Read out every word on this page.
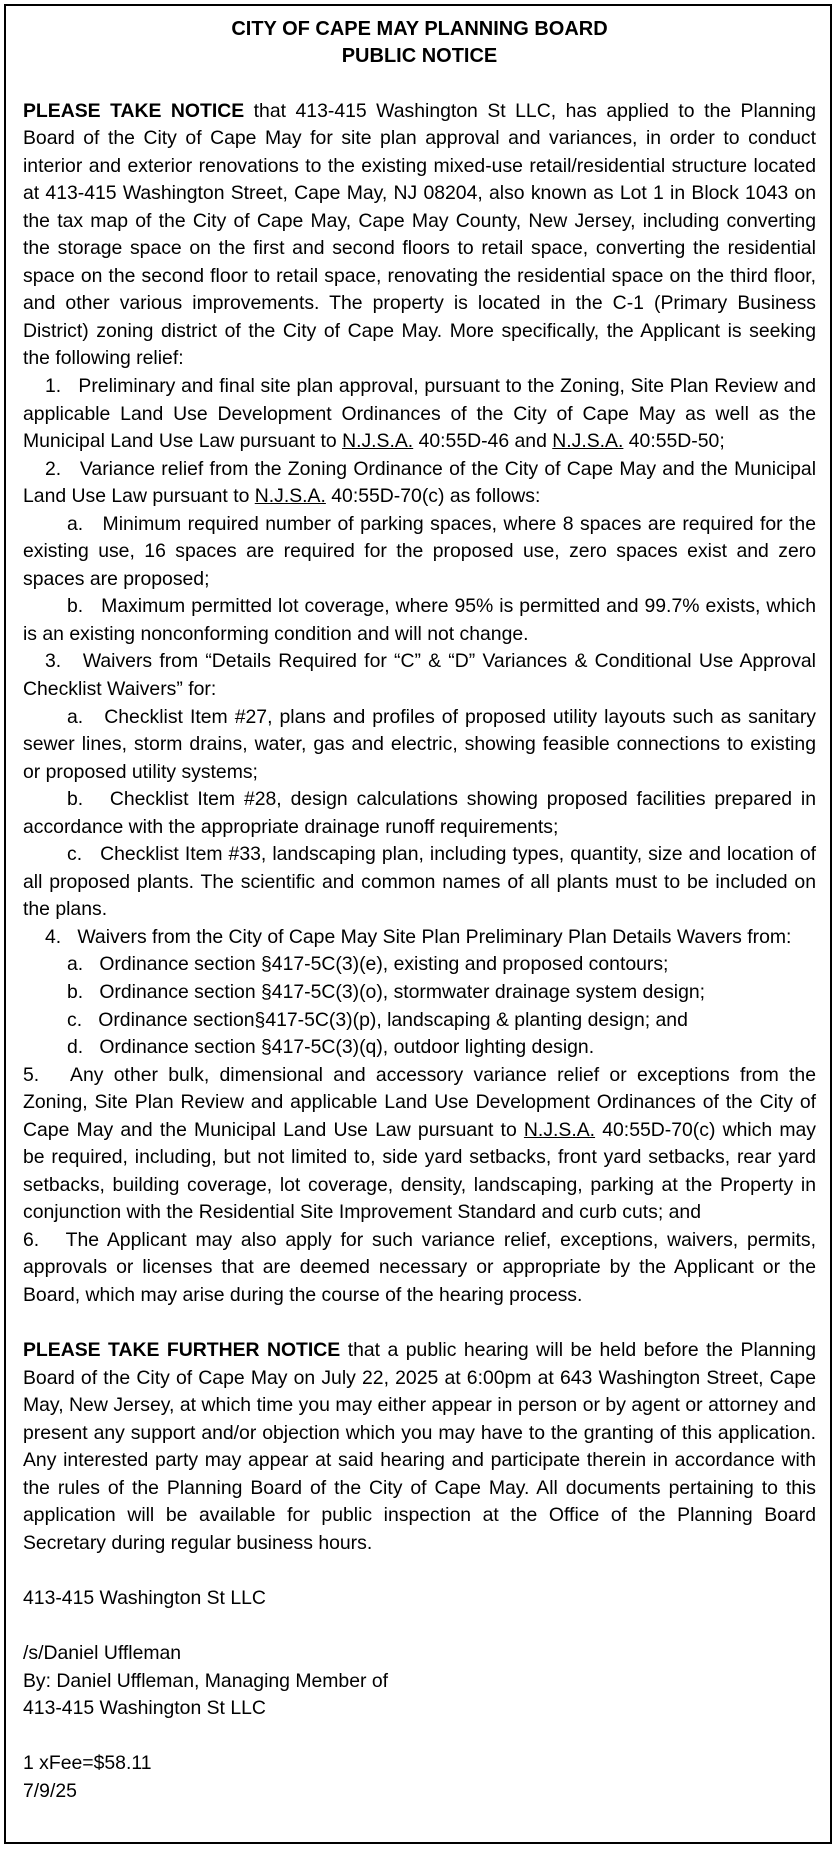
CITY OF CAPE MAY PLANNING BOARD
PUBLIC NOTICE

PLEASE TAKE NOTICE that 413-415 Washington St LLC, has applied to the Planning Board of the City of Cape May for site plan approval and variances, in order to conduct interior and exterior renovations to the existing mixed-use retail/residential structure located at 413-415 Washington Street, Cape May, NJ 08204, also known as Lot 1 in Block 1043 on the tax map of the City of Cape May, Cape May County, New Jersey, including converting the storage space on the first and second floors to retail space, converting the residential space on the second floor to retail space, renovating the residential space on the third floor, and other various improvements. The property is located in the C-1 (Primary Business District) zoning district of the City of Cape May. More specifically, the Applicant is seeking the following relief:

1.   Preliminary and final site plan approval, pursuant to the Zoning, Site Plan Review and applicable Land Use Development Ordinances of the City of Cape May as well as the Municipal Land Use Law pursuant to N.J.S.A. 40:55D-46 and N.J.S.A. 40:55D-50;

2.   Variance relief from the Zoning Ordinance of the City of Cape May and the Municipal Land Use Law pursuant to N.J.S.A. 40:55D-70(c) as follows:

a.   Minimum required number of parking spaces, where 8 spaces are required for the existing use, 16 spaces are required for the proposed use, zero spaces exist and zero spaces are proposed;

b.   Maximum permitted lot coverage, where 95% is permitted and 99.7% exists, which is an existing nonconforming condition and will not change.

3.   Waivers from “Details Required for “C” & “D” Variances & Conditional Use Approval Checklist Waivers” for:

a.   Checklist Item #27, plans and profiles of proposed utility layouts such as sanitary sewer lines, storm drains, water, gas and electric, showing feasible connections to existing or proposed utility systems;

b.   Checklist Item #28, design calculations showing proposed facilities prepared in accordance with the appropriate drainage runoff requirements;

c.   Checklist Item #33, landscaping plan, including types, quantity, size and location of all proposed plants. The scientific and common names of all plants must to be included on the plans.

4.   Waivers from the City of Cape May Site Plan Preliminary Plan Details Wavers from:

a.   Ordinance section §417-5C(3)(e), existing and proposed contours;

b.   Ordinance section §417-5C(3)(o), stormwater drainage system design;

c.   Ordinance section§417-5C(3)(p), landscaping & planting design; and

d.   Ordinance section §417-5C(3)(q), outdoor lighting design.

5.   Any other bulk, dimensional and accessory variance relief or exceptions from the Zoning, Site Plan Review and applicable Land Use Development Ordinances of the City of Cape May and the Municipal Land Use Law pursuant to N.J.S.A. 40:55D-70(c) which may be required, including, but not limited to, side yard setbacks, front yard setbacks, rear yard setbacks, building coverage, lot coverage, density, landscaping, parking at the Property in conjunction with the Residential Site Improvement Standard and curb cuts; and

6.   The Applicant may also apply for such variance relief, exceptions, waivers, permits, approvals or licenses that are deemed necessary or appropriate by the Applicant or the Board, which may arise during the course of the hearing process.

PLEASE TAKE FURTHER NOTICE that a public hearing will be held before the Planning Board of the City of Cape May on July 22, 2025 at 6:00pm at 643 Washington Street, Cape May, New Jersey, at which time you may either appear in person or by agent or attorney and present any support and/or objection which you may have to the granting of this application. Any interested party may appear at said hearing and participate therein in accordance with the rules of the Planning Board of the City of Cape May. All documents pertaining to this application will be available for public inspection at the Office of the Planning Board Secretary during regular business hours.

413-415 Washington St LLC

/s/Daniel Uffleman

By: Daniel Uffleman, Managing Member of

413-415 Washington St LLC

1 xFee=$58.11

7/9/25
